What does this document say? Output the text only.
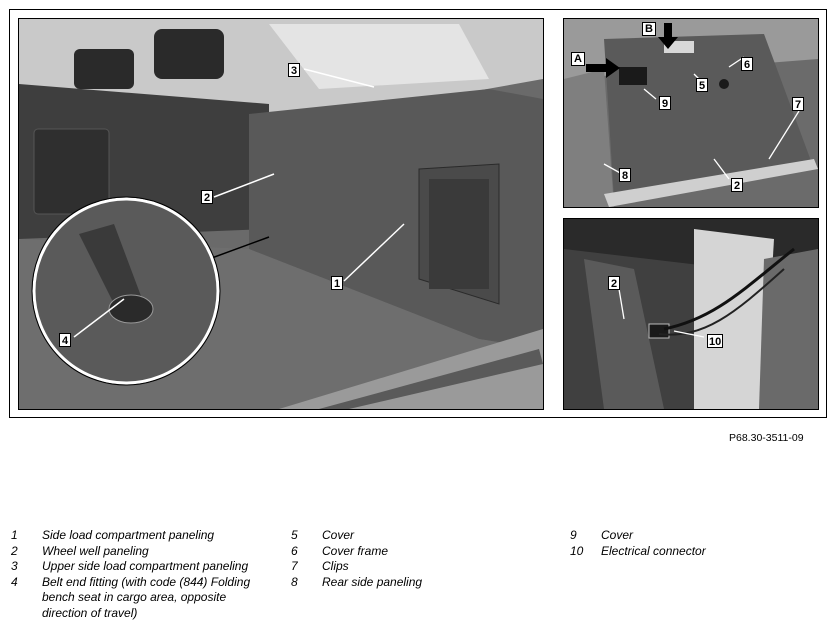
3
2
1
4
A
B
6
5
7
9
8
2
2
10
P68.30-3511-09
1	Side load compartment paneling
2	Wheel well paneling
3	Upper side load compartment paneling
4	Belt end fitting (with code (844) Folding bench seat in cargo area, opposite direction of travel)
5	Cover
6	Cover frame
7	Clips
8	Rear side paneling
9	Cover
10	Electrical connector
